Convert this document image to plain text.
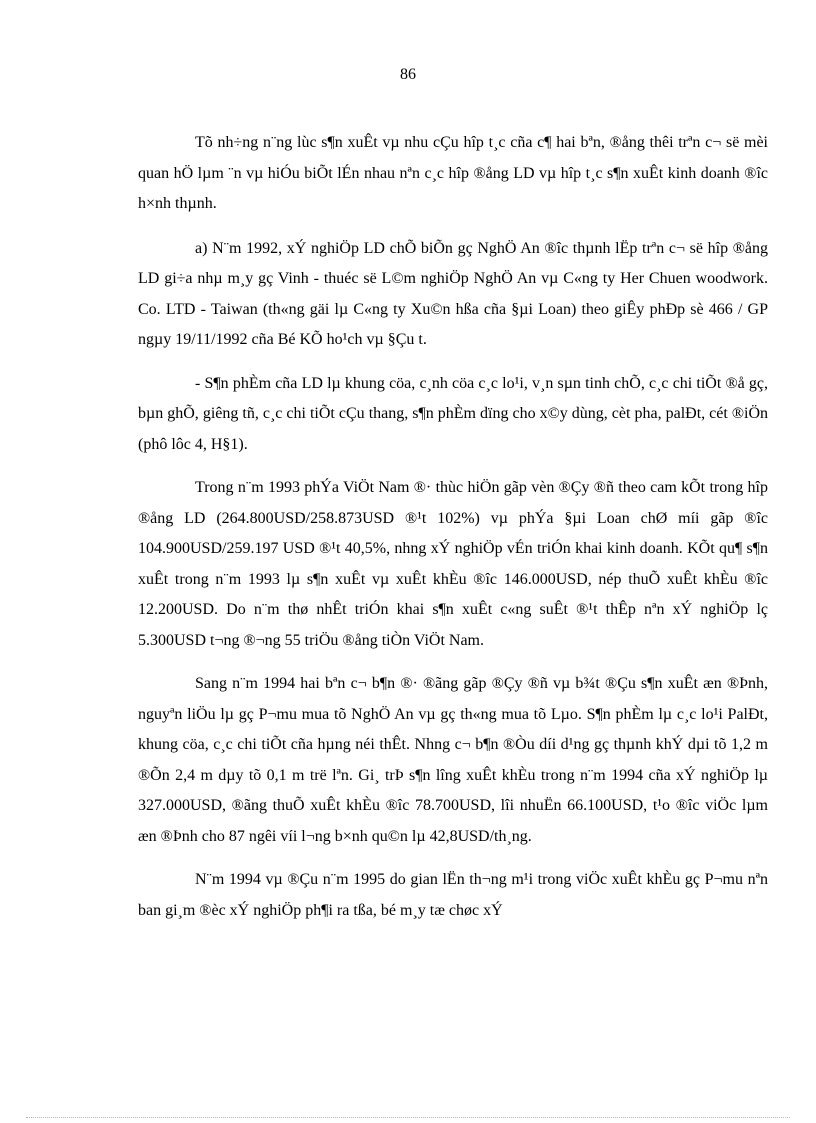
86

Tõ nh÷ng n¨ng lùc s¶n xuÊt vµ nhu cÇu hîp t¸c cña c¶ hai bªn, ®ång thêi trªn c¬ së mèi quan hÖ lµm ¨n vµ hiÓu biÕt lÉn nhau nªn c¸c hîp ®ång LD vµ hîp t¸c s¶n xuÊt kinh doanh ®îc h×nh thµnh.

a) N¨m 1992, xÝ nghiÖp LD chÕ biÕn gç NghÖ An ®îc thµnh lËp trªn c¬ së hîp ®ång LD gi÷a nhµ m¸y gç Vinh - thuéc së L©m nghiÖp NghÖ An vµ C«ng ty Her Chuen woodwork. Co. LTD - Taiwan (th«ng gäi lµ C«ng ty Xu©n hßa cña §µi Loan) theo giÊy phÐp sè 466 / GP ngµy 19/11/1992 cña Bé KÕ ho¹ch vµ §Çu t.

- S¶n phÈm cña LD lµ khung cöa, c¸nh cöa c¸c lo¹i, v¸n sµn tinh chÕ, c¸c chi tiÕt ®å gç, bµn ghÕ, giêng tñ, c¸c chi tiÕt cÇu thang, s¶n phÈm dïng cho x©y dùng, cèt pha, palÐt, cét ®iÖn (phô lôc 4, H§1).

Trong n¨m 1993 phÝa ViÖt Nam ®· thùc hiÖn gãp vèn ®Çy ®ñ theo cam kÕt trong hîp ®ång LD (264.800USD/258.873USD ®¹t 102%) vµ phÝa §µi Loan chØ míi gãp ®îc 104.900USD/259.197 USD ®¹t 40,5%, nhng xÝ nghiÖp vÉn triÓn khai kinh doanh. KÕt qu¶ s¶n xuÊt trong n¨m 1993 lµ s¶n xuÊt vµ xuÊt khÈu ®îc 146.000USD, nép thuÕ xuÊt khÈu ®îc 12.200USD. Do n¨m thø nhÊt triÓn khai s¶n xuÊt c«ng suÊt ®¹t thÊp nªn xÝ nghiÖp lç 5.300USD t¬ng ®¬ng 55 triÖu ®ång tiÒn ViÖt Nam.

Sang n¨m 1994 hai bªn c¬ b¶n ®· ®ãng gãp ®Çy ®ñ vµ b¾t ®Çu s¶n xuÊt æn ®Þnh, nguyªn liÖu lµ gç P¬mu mua tõ NghÖ An vµ gç th«ng mua tõ Lµo. S¶n phÈm lµ c¸c lo¹i PalÐt, khung cöa, c¸c chi tiÕt cña hµng néi thÊt. Nhng c¬ b¶n ®Òu díi d¹ng gç thµnh khÝ dµi tõ 1,2 m ®Õn 2,4 m dµy tõ 0,1 m trë lªn. Gi¸ trÞ s¶n lîng xuÊt khÈu trong n¨m 1994 cña xÝ nghiÖp lµ 327.000USD, ®ãng thuÕ xuÊt khÈu ®îc 78.700USD, lîi nhuËn 66.100USD, t¹o ®îc viÖc lµm æn ®Þnh cho 87 ngêi víi l¬ng b×nh qu©n lµ 42,8USD/th¸ng.

N¨m 1994 vµ ®Çu n¨m 1995 do gian lËn th¬ng m¹i trong viÖc xuÊt khÈu gç P¬mu nªn ban gi¸m ®èc xÝ nghiÖp ph¶i ra tßa, bé m¸y tæ chøc xÝ
